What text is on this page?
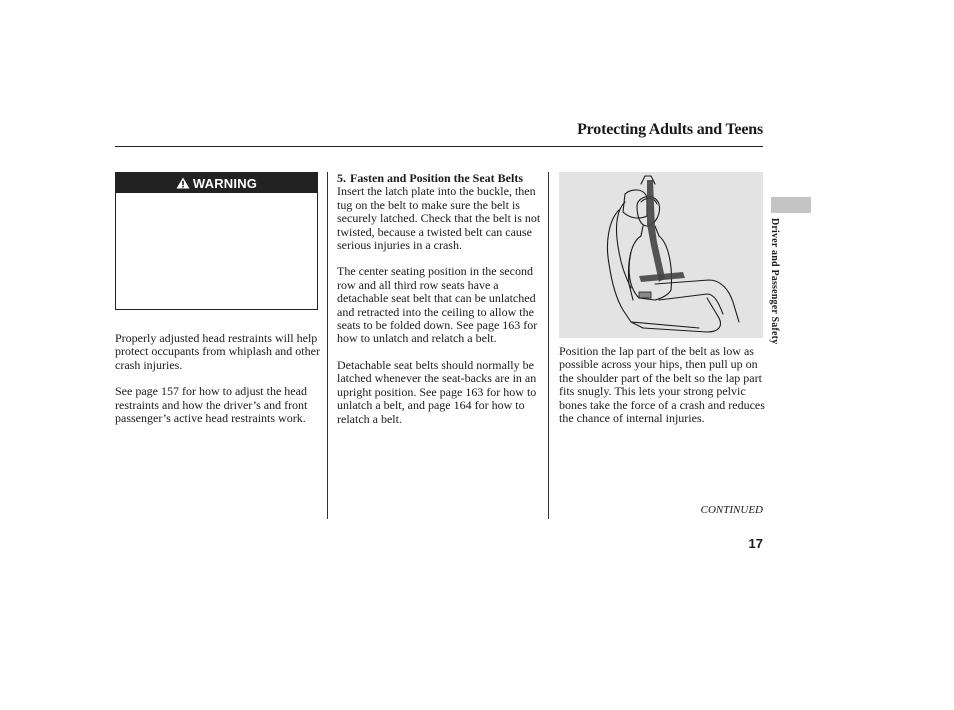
Protecting Adults and Teens
WARNING

Properly adjusted head restraints will help protect occupants from whiplash and other crash injuries.

See page 157 for how to adjust the head restraints and how the driver’s and front passenger’s active head restraints work.

5. Fasten and Position the Seat Belts

Insert the latch plate into the buckle, then tug on the belt to make sure the belt is securely latched. Check that the belt is not twisted, because a twisted belt can cause serious injuries in a crash.

The center seating position in the second row and all third row seats have a detachable seat belt that can be unlatched and retracted into the ceiling to allow the seats to be folded down. See page 163 for how to unlatch and relatch a belt.

Detachable seat belts should normally be latched whenever the seat-backs are in an upright position. See page 163 for how to unlatch a belt, and page 164 for how to relatch a belt.

Position the lap part of the belt as low as possible across your hips, then pull up on the shoulder part of the belt so the lap part fits snugly. This lets your strong pelvic bones take the force of a crash and reduces the chance of internal injuries.

Driver and Passenger Safety
CONTINUED
17
